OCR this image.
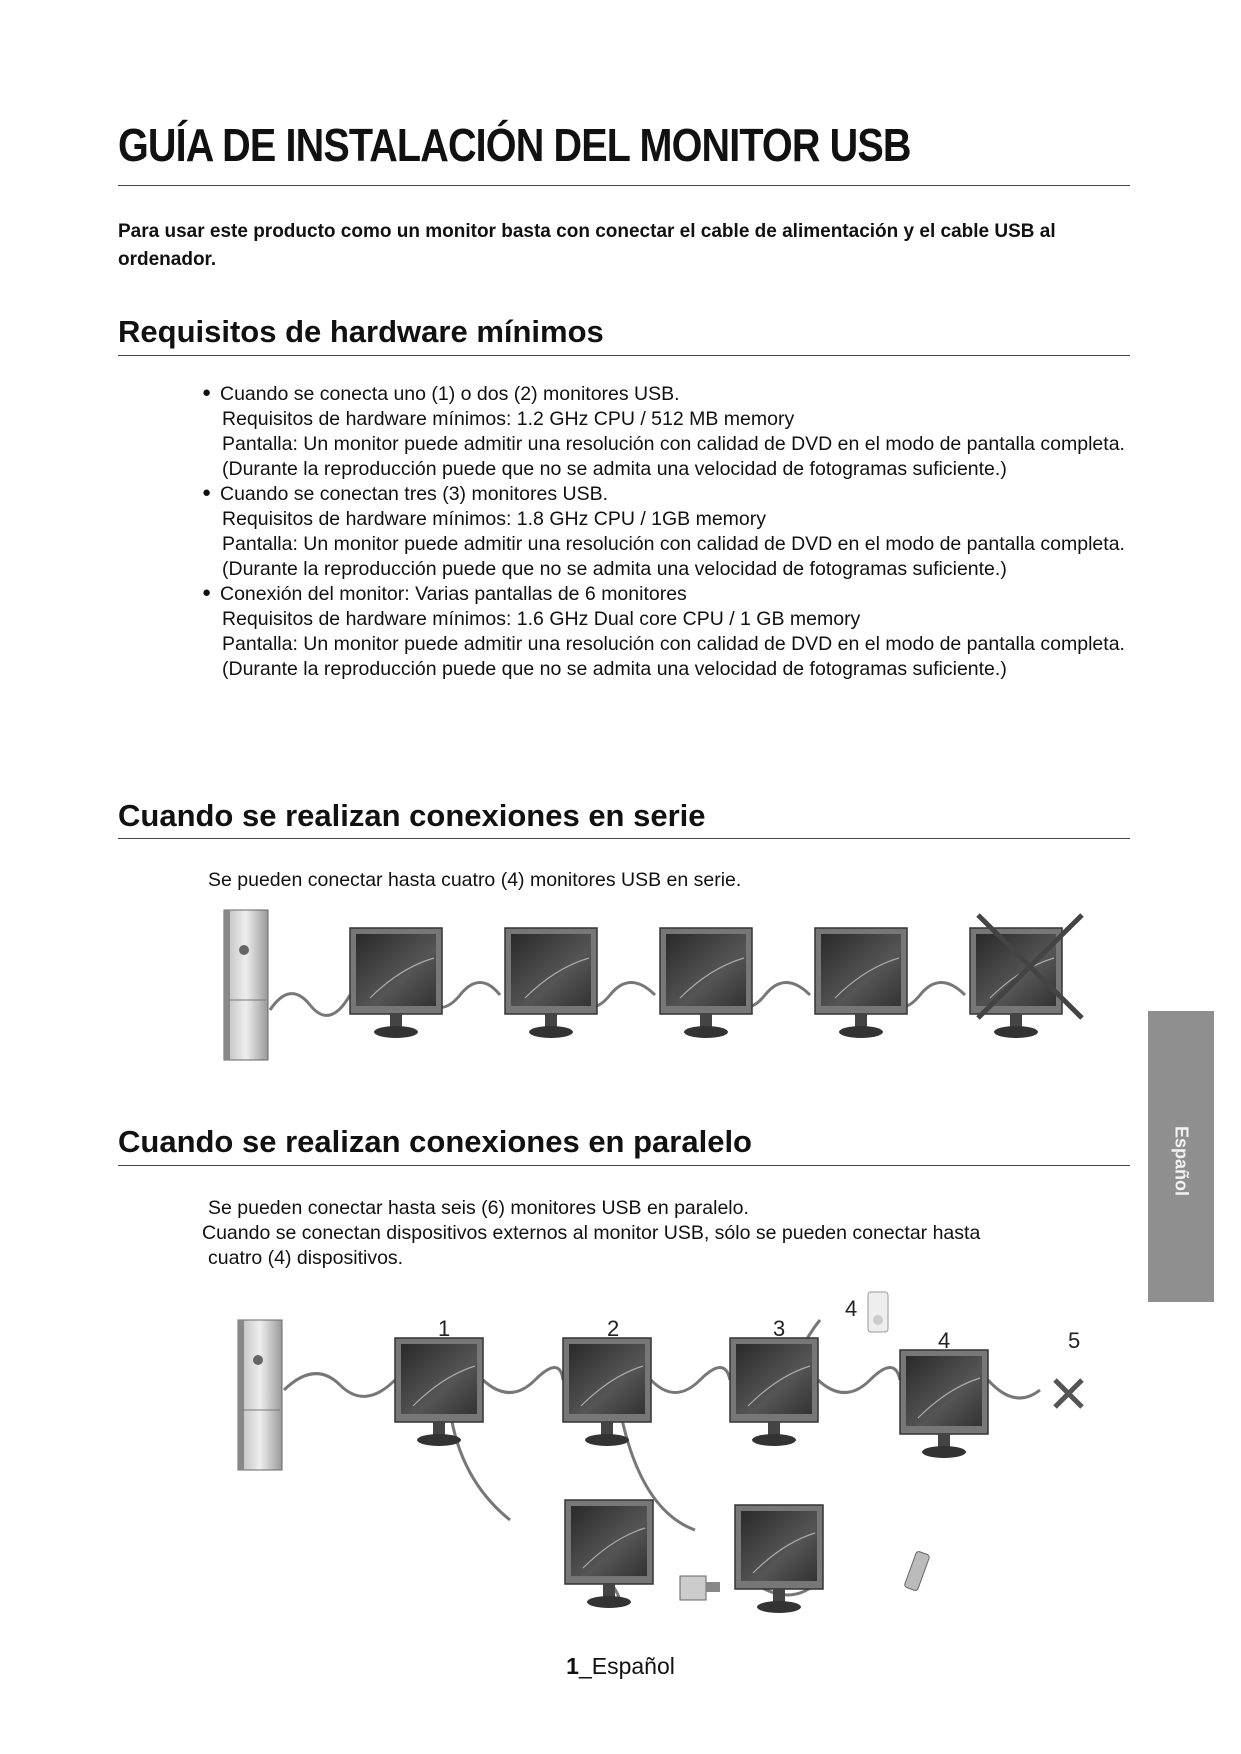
GUÍA DE INSTALACIÓN DEL MONITOR USB
Para usar este producto como un monitor basta con conectar el cable de alimentación y el cable USB al ordenador.
Requisitos de hardware mínimos
● Cuando se conecta uno (1) o dos (2) monitores USB.
Requisitos de hardware mínimos: 1.2 GHz CPU / 512 MB memory
Pantalla: Un monitor puede admitir una resolución con calidad de DVD en el modo de pantalla completa.
(Durante la reproducción puede que no se admita una velocidad de fotogramas suficiente.)
● Cuando se conectan tres (3) monitores USB.
Requisitos de hardware mínimos: 1.8 GHz CPU / 1GB memory
Pantalla: Un monitor puede admitir una resolución con calidad de DVD en el modo de pantalla completa.
(Durante la reproducción puede que no se admita una velocidad de fotogramas suficiente.)
● Conexión del monitor: Varias pantallas de 6 monitores
Requisitos de hardware mínimos: 1.6 GHz Dual core CPU / 1 GB memory
Pantalla: Un monitor puede admitir una resolución con calidad de DVD en el modo de pantalla completa.
(Durante la reproducción puede que no se admita una velocidad de fotogramas suficiente.)
Cuando se realizan conexiones en serie
Se pueden conectar hasta cuatro (4) monitores USB en serie.
Español
Cuando se realizan conexiones en paralelo
Se pueden conectar hasta seis (6) monitores USB en paralelo.
Cuando se conectan dispositivos externos al monitor USB, sólo se pueden conectar hasta
cuatro (4) dispositivos.
1	2	3
4
4	5
1_Español
